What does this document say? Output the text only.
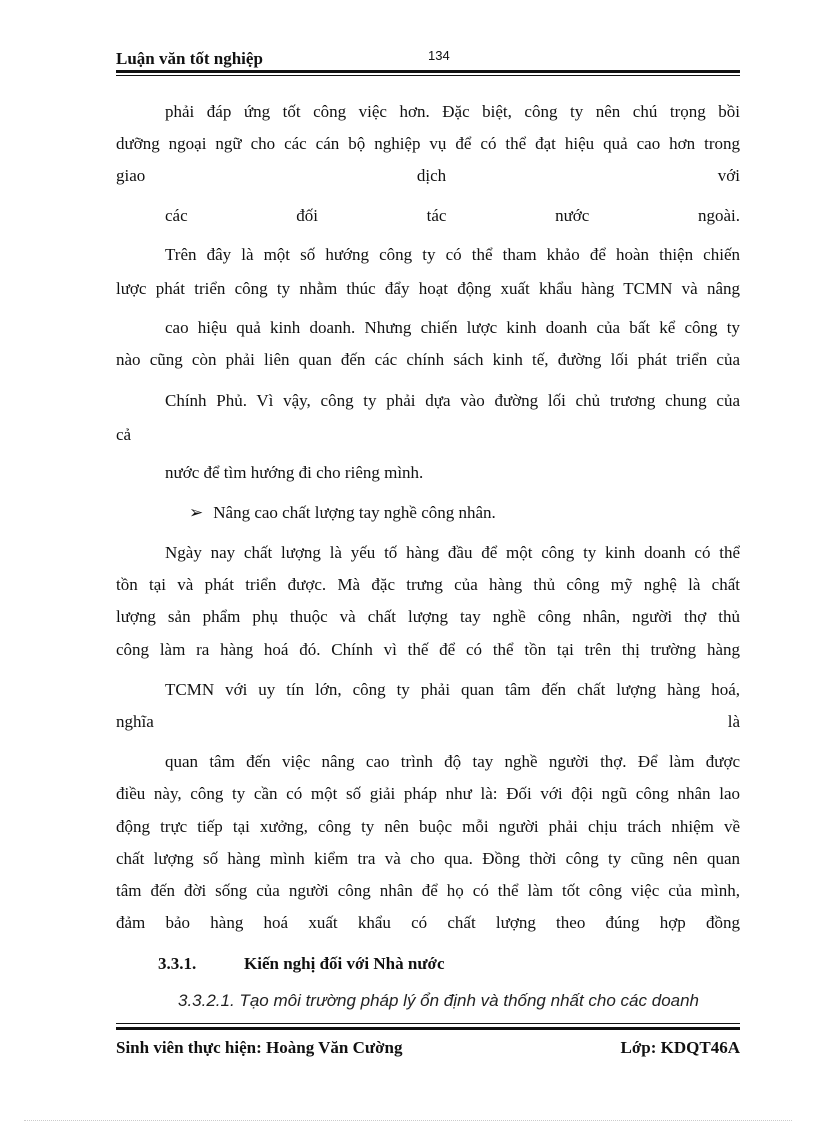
Luận văn tốt nghiệp	134
phải đáp ứng tốt công việc hơn. Đặc biệt, công ty nên chú trọng bồi
dưỡng ngoại ngữ cho các cán bộ nghiệp vụ để có thể đạt hiệu quả cao hơn trong
giao dịch với
các đối tác nước ngoài.
Trên đây là một số hướng công ty có thể tham khảo để hoàn thiện chiến
lược phát triển công ty nhằm thúc đẩy hoạt động xuất khẩu hàng TCMN và nâng
cao hiệu quả kinh doanh. Nhưng chiến lược kinh doanh của bất kể công ty
nào cũng còn phải liên quan đến các chính sách kinh tế, đường lối phát triển của
Chính Phủ. Vì vậy, công ty phải dựa vào đường lối chủ trương chung của
cả
nước để tìm hướng đi cho riêng mình.
➢ Nâng cao chất lượng tay nghề công nhân.
Ngày nay chất lượng là yếu tố hàng đầu để một công ty kinh doanh có thể
tồn tại và phát triển được. Mà đặc trưng của hàng thủ công mỹ nghệ là chất
lượng sản phẩm phụ thuộc và chất lượng tay nghề công nhân, người thợ thủ
công làm ra hàng hoá đó. Chính vì thế để có thể tồn tại trên thị trường hàng
TCMN với uy tín lớn, công ty phải quan tâm đến chất lượng hàng hoá,
nghĩa là
quan tâm đến việc nâng cao trình độ tay nghề người thợ. Để làm được
điều này, công ty cần có một số giải pháp như là: Đối với đội ngũ công nhân lao
động trực tiếp tại xưởng, công ty nên buộc mỗi người phải chịu trách nhiệm về
chất lượng số hàng mình kiểm tra và cho qua. Đồng thời công ty cũng nên quan
tâm đến đời sống của người công nhân để họ có thể làm tốt công việc của mình,
đảm bảo hàng hoá xuất khẩu có chất lượng theo đúng hợp đồng
3.3.1.	Kiến nghị đối với Nhà nước
3.3.2.1. Tạo môi trường pháp lý ổn định và thống nhất cho các doanh
Sinh viên thực hiện: Hoàng Văn Cường	Lớp: KDQT46A
